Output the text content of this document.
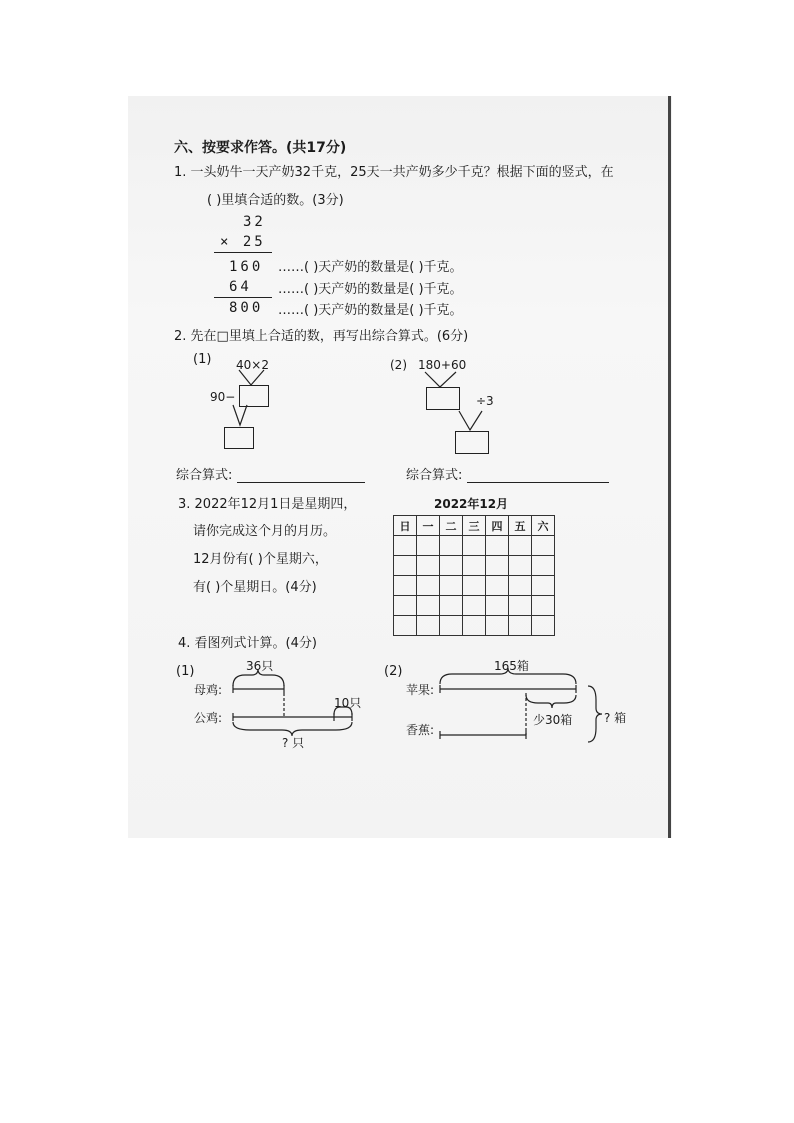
六、按要求作答。(共17分)
1. 一头奶牛一天产奶32千克，25天一共产奶多少千克？根据下面的竖式，在
( )里填合适的数。(3分)
32
× 25
160
64
800
……( )天产奶的数量是( )千克。
……( )天产奶的数量是( )千克。
……( )天产奶的数量是( )千克。
2. 先在□里填上合适的数，再写出综合算式。(6分)
(1) 40×2
90−
(2) 180+60
÷3
综合算式:	综合算式:
3. 2022年12月1日是星期四，
请你完成这个月的月历。
12月份有( )个星期六，
有( )个星期日。(4分)
2022年12月
日	一	二	三	四	五	六

4. 看图列式计算。(4分)
(1)	36只
母鸡:
10只
公鸡:
? 只
(2)	165箱
苹果:
少30箱
香蕉:
? 箱
